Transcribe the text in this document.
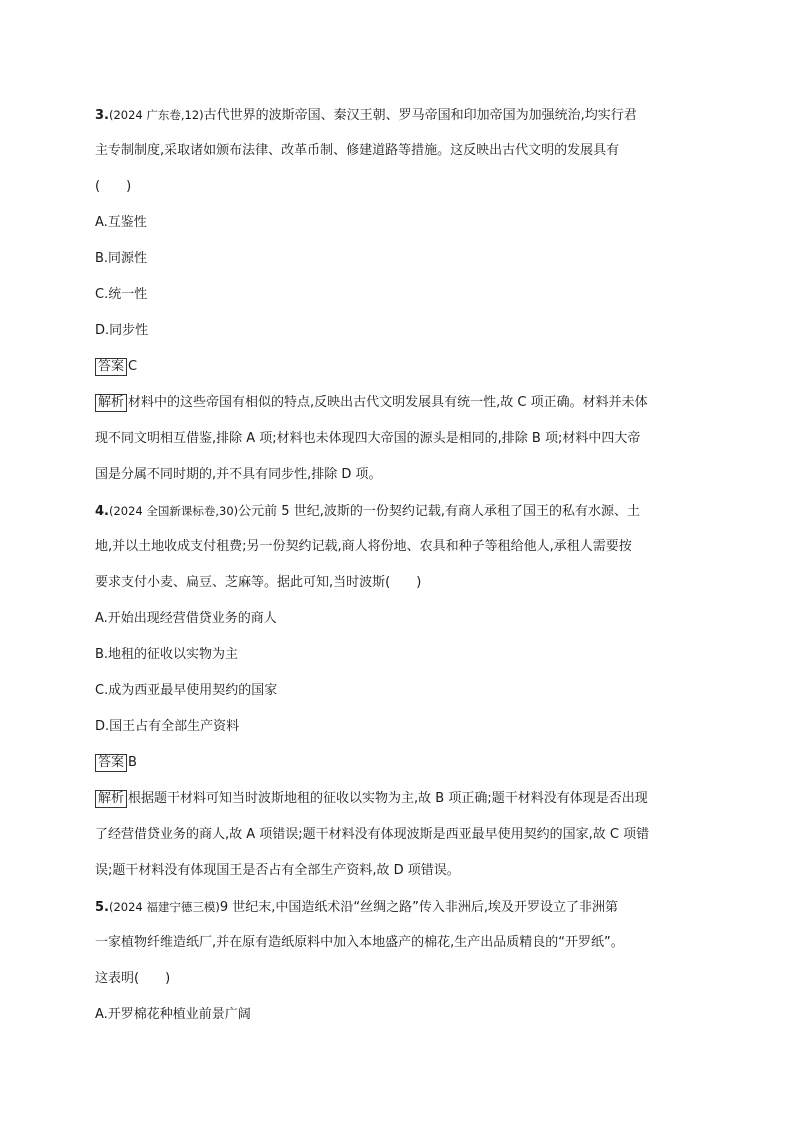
3.(2024 广东卷,12)古代世界的波斯帝国、秦汉王朝、罗马帝国和印加帝国为加强统治,均实行君
主专制制度,采取诸如颁布法律、改革币制、修建道路等措施。这反映出古代文明的发展具有
(　　)
A.互鉴性
B.同源性
C.统一性
D.同步性
答案 C
解析 材料中的这些帝国有相似的特点,反映出古代文明发展具有统一性,故 C 项正确。材料并未体
现不同文明相互借鉴,排除 A 项;材料也未体现四大帝国的源头是相同的,排除 B 项;材料中四大帝
国是分属不同时期的,并不具有同步性,排除 D 项。
4.(2024 全国新课标卷,30)公元前 5 世纪,波斯的一份契约记载,有商人承租了国王的私有水源、土
地,并以土地收成支付租费;另一份契约记载,商人将份地、农具和种子等租给他人,承租人需要按
要求支付小麦、扁豆、芝麻等。据此可知,当时波斯(　　)
A.开始出现经营借贷业务的商人
B.地租的征收以实物为主
C.成为西亚最早使用契约的国家
D.国王占有全部生产资料
答案 B
解析 根据题干材料可知当时波斯地租的征收以实物为主,故 B 项正确;题干材料没有体现是否出现
了经营借贷业务的商人,故 A 项错误;题干材料没有体现波斯是西亚最早使用契约的国家,故 C 项错
误;题干材料没有体现国王是否占有全部生产资料,故 D 项错误。
5.(2024 福建宁德三模)9 世纪末,中国造纸术沿“丝绸之路”传入非洲后,埃及开罗设立了非洲第
一家植物纤维造纸厂,并在原有造纸原料中加入本地盛产的棉花,生产出品质精良的“开罗纸”。
这表明(　　)
A.开罗棉花种植业前景广阔
